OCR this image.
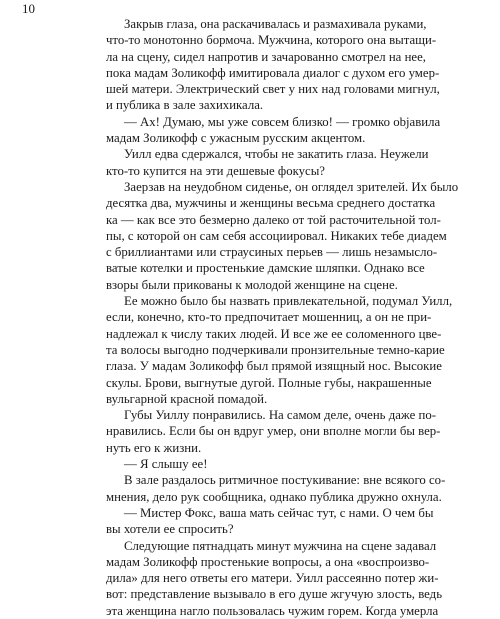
10
Закрыв глаза, она раскачивалась и размахивала руками,
что-то монотонно бормоча. Мужчина, которого она вытащи-
ла на сцену, сидел напротив и зачарованно смотрел на нее,
пока мадам Золикофф имитировала диалог с духом его умер-
шей матери. Электрический свет у них над головами мигнул,
и публика в зале захихикала.
— Ах! Думаю, мы уже совсем близко! — громко objавила
мадам Золикофф с ужасным русским акцентом.
Уилл едва сдержался, чтобы не закатить глаза. Неужели
кто-то купится на эти дешевые фокусы?
Заерзав на неудобном сиденье, он оглядел зрителей. Их было
десятка два, мужчины и женщины весьма среднего достатка
ка — как все это безмерно далеко от той расточительной тол-
пы, с которой он сам себя ассоциировал. Никаких тебе диадем
с бриллиантами или страусиных перьев — лишь незамысло-
ватые котелки и простенькие дамские шляпки. Однако все
взоры были прикованы к молодой женщине на сцене.
Ее можно было бы назвать привлекательной, подумал Уилл,
если, конечно, кто-то предпочитает мошенниц, а он не при-
надлежал к числу таких людей. И все же ее соломенного цве-
та волосы выгодно подчеркивали пронзительные темно-карие
глаза. У мадам Золикофф был прямой изящный нос. Высокие
скулы. Брови, выгнутые дугой. Полные губы, накрашенные
вульгарной красной помадой.
Губы Уиллу понравились. На самом деле, очень даже по-
нравились. Если бы он вдруг умер, они вполне могли бы вер-
нуть его к жизни.
— Я слышу ее!
В зале раздалось ритмичное постукивание: вне всякого со-
мнения, дело рук сообщника, однако публика дружно охнула.
— Мистер Фокс, ваша мать сейчас тут, с нами. О чем бы
вы хотели ее спросить?
Следующие пятнадцать минут мужчина на сцене задавал
мадам Золикофф простенькие вопросы, а она «воспроизво-
дила» для него ответы его матери. Уилл рассеянно потер жи-
вот: представление вызывало в его душе жгучую злость, ведь
эта женщина нагло пользовалась чужим горем. Когда умерла
